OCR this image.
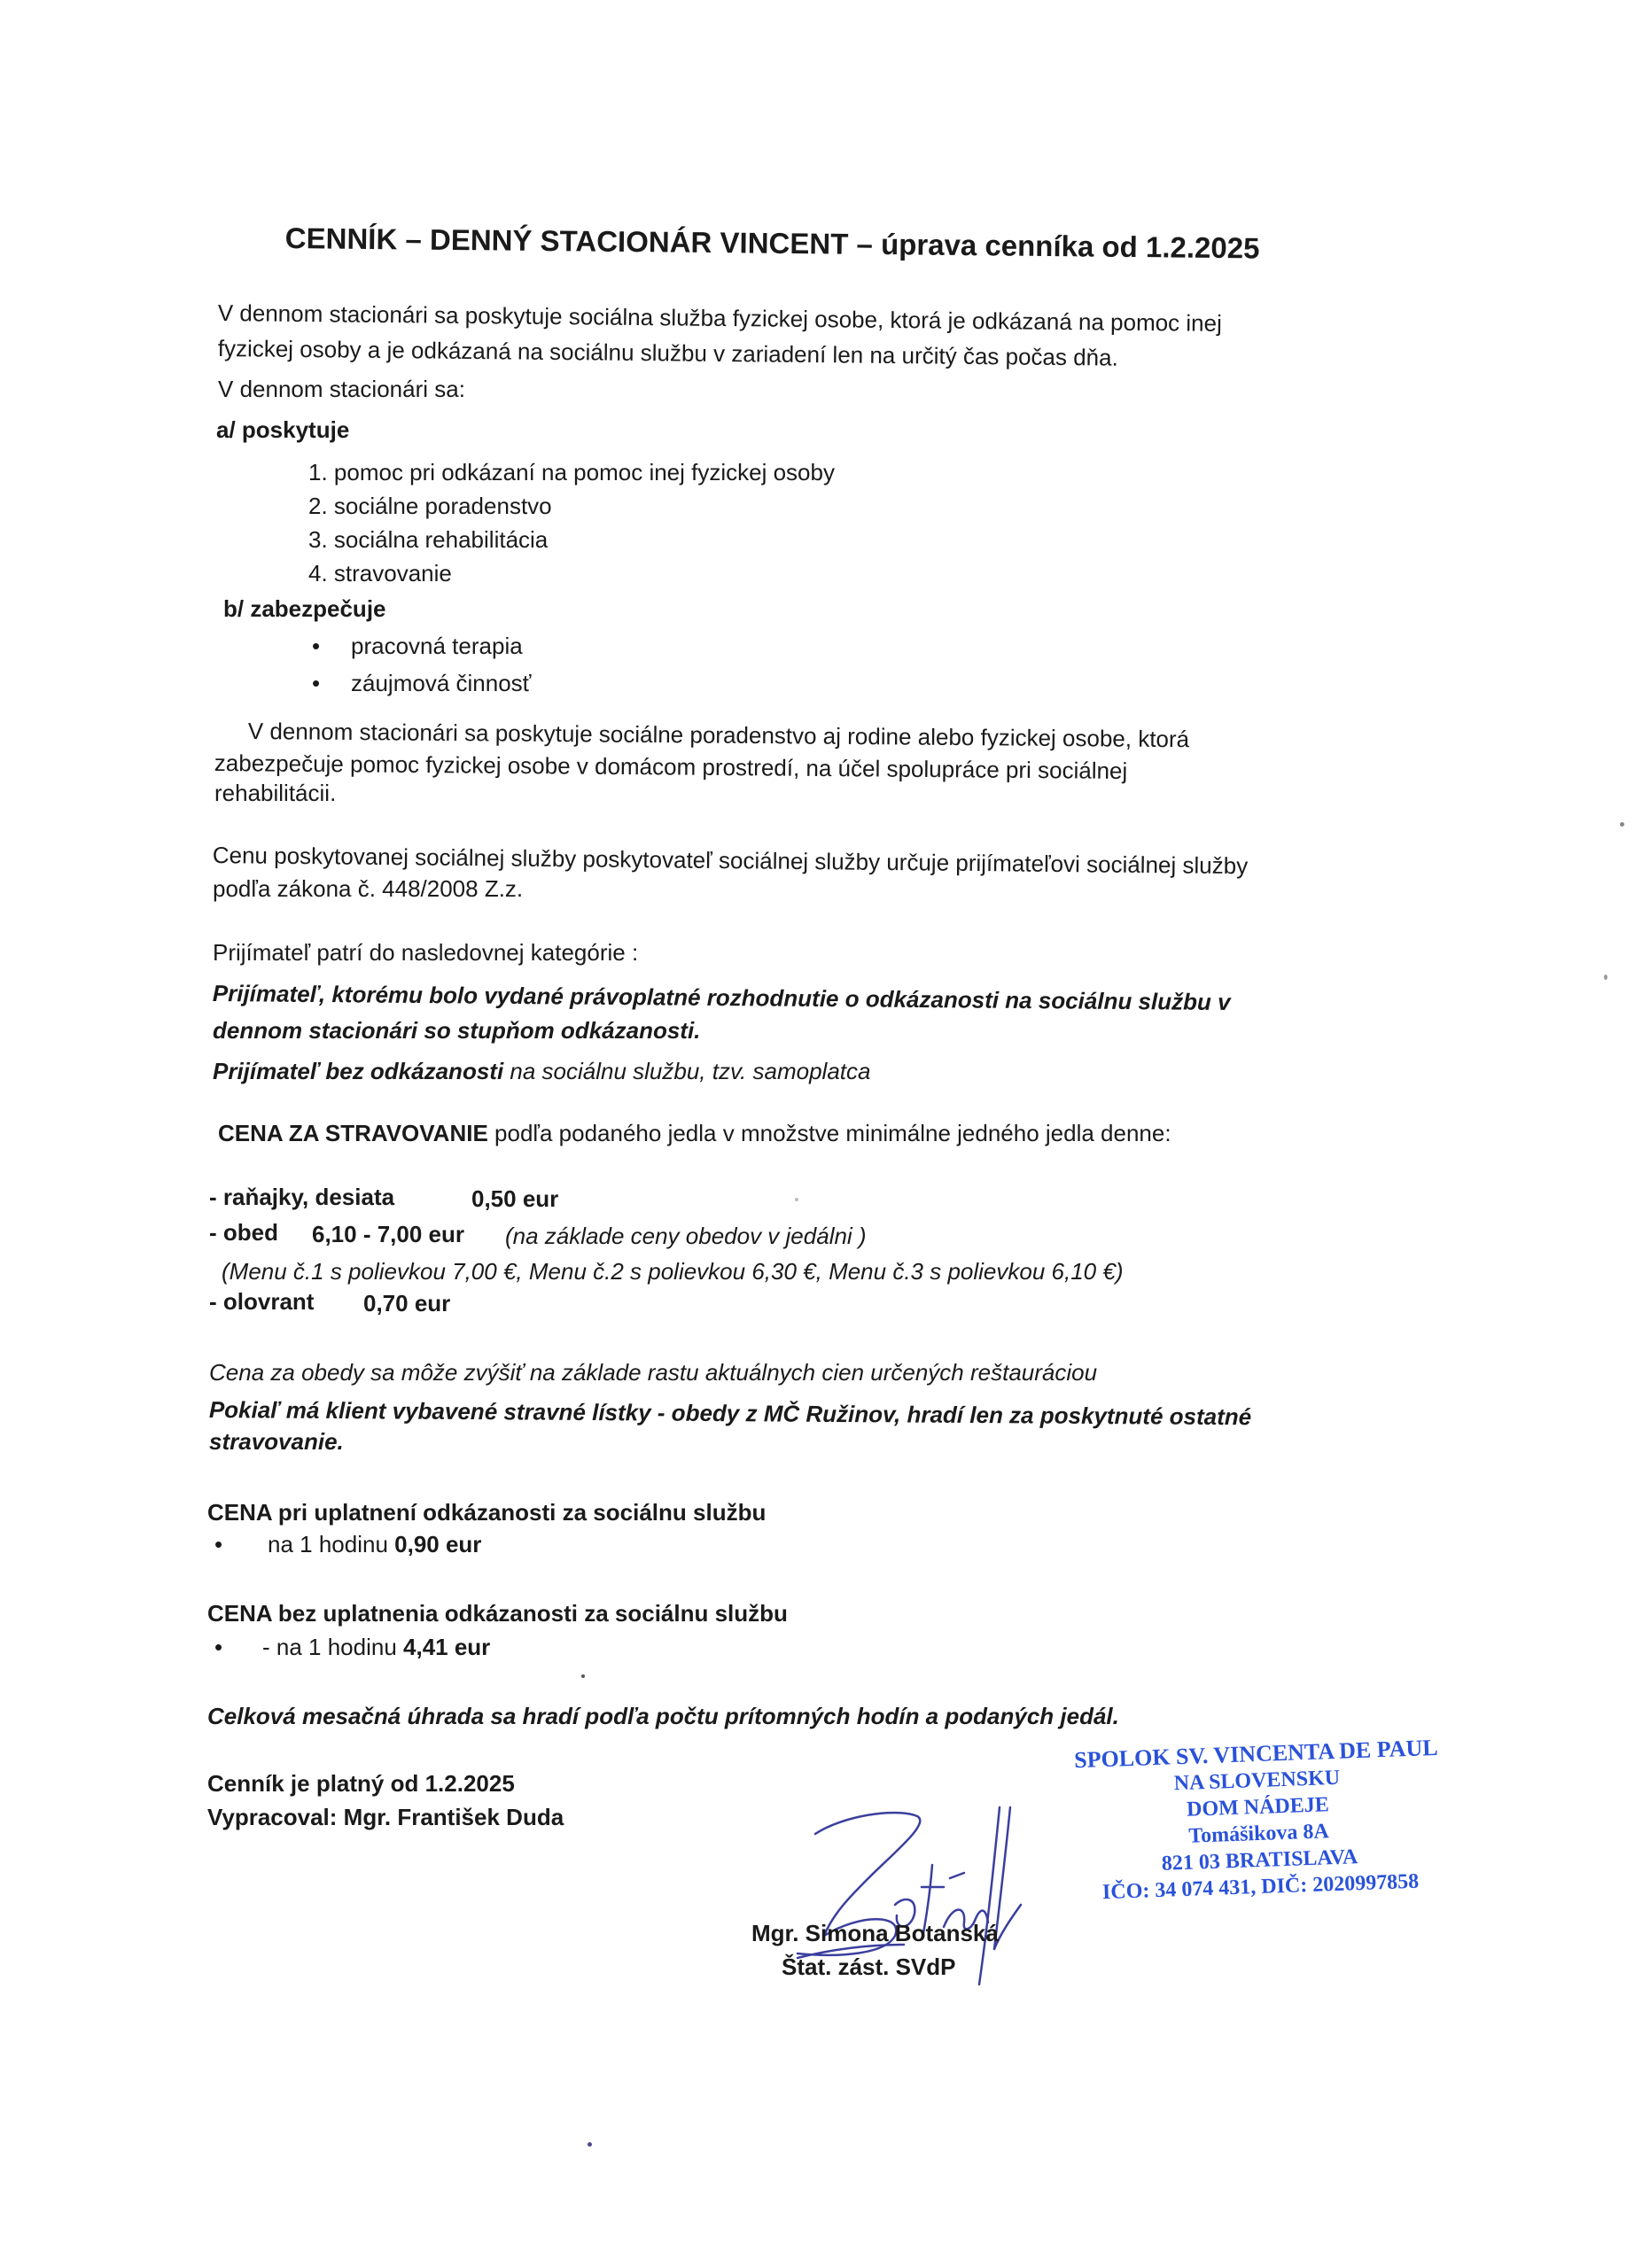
CENNÍK – DENNÝ STACIONÁR VINCENT – úprava cenníka od 1.2.2025
V dennom stacionári sa poskytuje sociálna služba fyzickej osobe, ktorá je odkázaná na pomoc inej
fyzickej osoby a je odkázaná na sociálnu službu v zariadení len na určitý čas počas dňa.
V dennom stacionári sa:
a/ poskytuje
1. pomoc pri odkázaní na pomoc inej fyzickej osoby
2. sociálne poradenstvo
3. sociálna rehabilitácia
4. stravovanie
b/ zabezpečuje
• pracovná terapia
• záujmová činnosť
V dennom stacionári sa poskytuje sociálne poradenstvo aj rodine alebo fyzickej osobe, ktorá
zabezpečuje pomoc fyzickej osobe v domácom prostredí, na účel spolupráce pri sociálnej
rehabilitácii.
Cenu poskytovanej sociálnej služby poskytovateľ sociálnej služby určuje prijímateľovi sociálnej služby
podľa zákona č. 448/2008 Z.z.
Prijímateľ patrí do nasledovnej kategórie :
Prijímateľ, ktorému bolo vydané právoplatné rozhodnutie o odkázanosti na sociálnu službu v
dennom stacionári so stupňom odkázanosti.
Prijímateľ bez odkázanosti na sociálnu službu, tzv. samoplatca
CENA ZA STRAVOVANIE podľa podaného jedla v množstve minimálne jedného jedla denne:
- raňajky, desiata	0,50 eur
- obed 6,10 - 7,00 eur (na základe ceny obedov v jedálni )
(Menu č.1 s polievkou 7,00 €, Menu č.2 s polievkou 6,30 €, Menu č.3 s polievkou 6,10 €)
- olovrant 0,70 eur
Cena za obedy sa môže zvýšiť na základe rastu aktuálnych cien určených reštauráciou
Pokiaľ má klient vybavené stravné lístky - obedy z MČ Ružinov, hradí len za poskytnuté ostatné
stravovanie.
CENA pri uplatnení odkázanosti za sociálnu službu
• na 1 hodinu 0,90 eur
CENA bez uplatnenia odkázanosti za sociálnu službu
• - na 1 hodinu 4,41 eur
Celková mesačná úhrada sa hradí podľa počtu prítomných hodín a podaných jedál.
Cenník je platný od 1.2.2025
Vypracoval: Mgr. František Duda
Mgr. Simona Botanská
Štat. zást. SVdP
SPOLOK SV. VINCENTA DE PAUL
NA SLOVENSKU
DOM NÁDEJE
Tomášikova 8A
821 03 BRATISLAVA
IČO: 34 074 431, DIČ: 2020997858
